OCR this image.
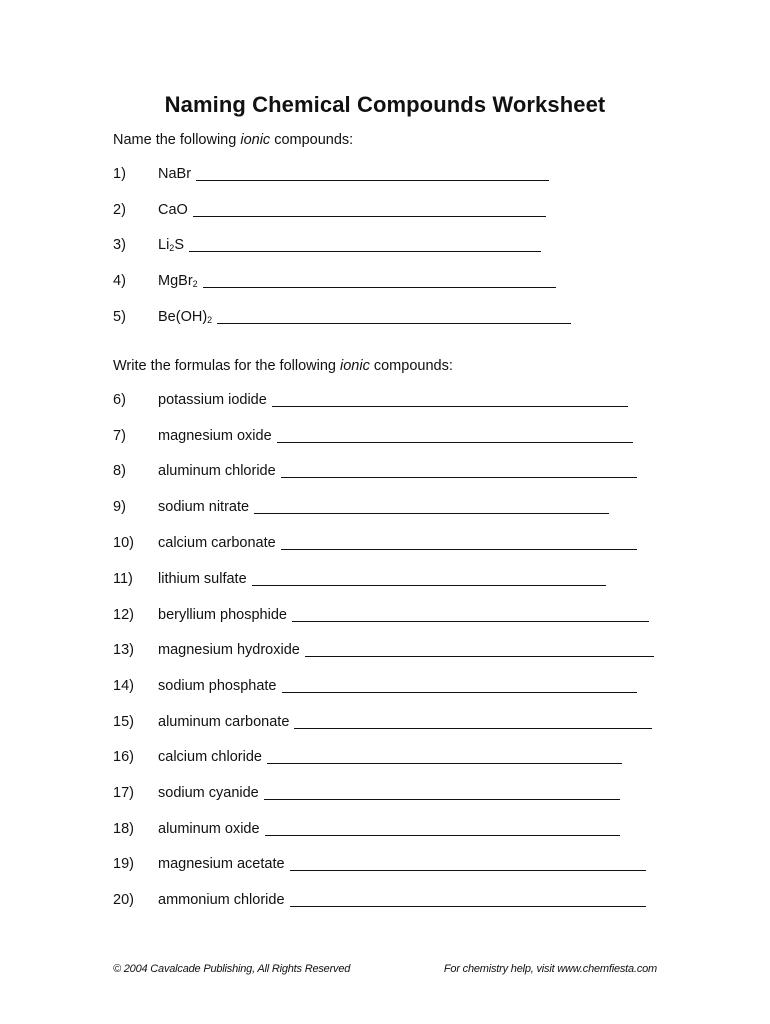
Naming Chemical Compounds Worksheet
Name the following ionic compounds:
1)	NaBr
2)	CaO
3)	$Li_2S$
4)	MgBr$_2$
5)	$Be(OH)_2$
Write the formulas for the following ionic compounds:
6)	potassium iodide
7)	magnesium oxide
8)	aluminum chloride
9)	sodium nitrate
10)	calcium carbonate
11)	lithium sulfate
12)	beryllium phosphide
13)	magnesium hydroxide
14)	sodium phosphate
15)	aluminum carbonate
16)	calcium chloride
17)	sodium cyanide
18)	aluminum oxide
19)	magnesium acetate
20)	ammonium chloride
© 2004 Cavalcade Publishing, All Rights Reserved	For chemistry help, visit www.chemfiesta.com
